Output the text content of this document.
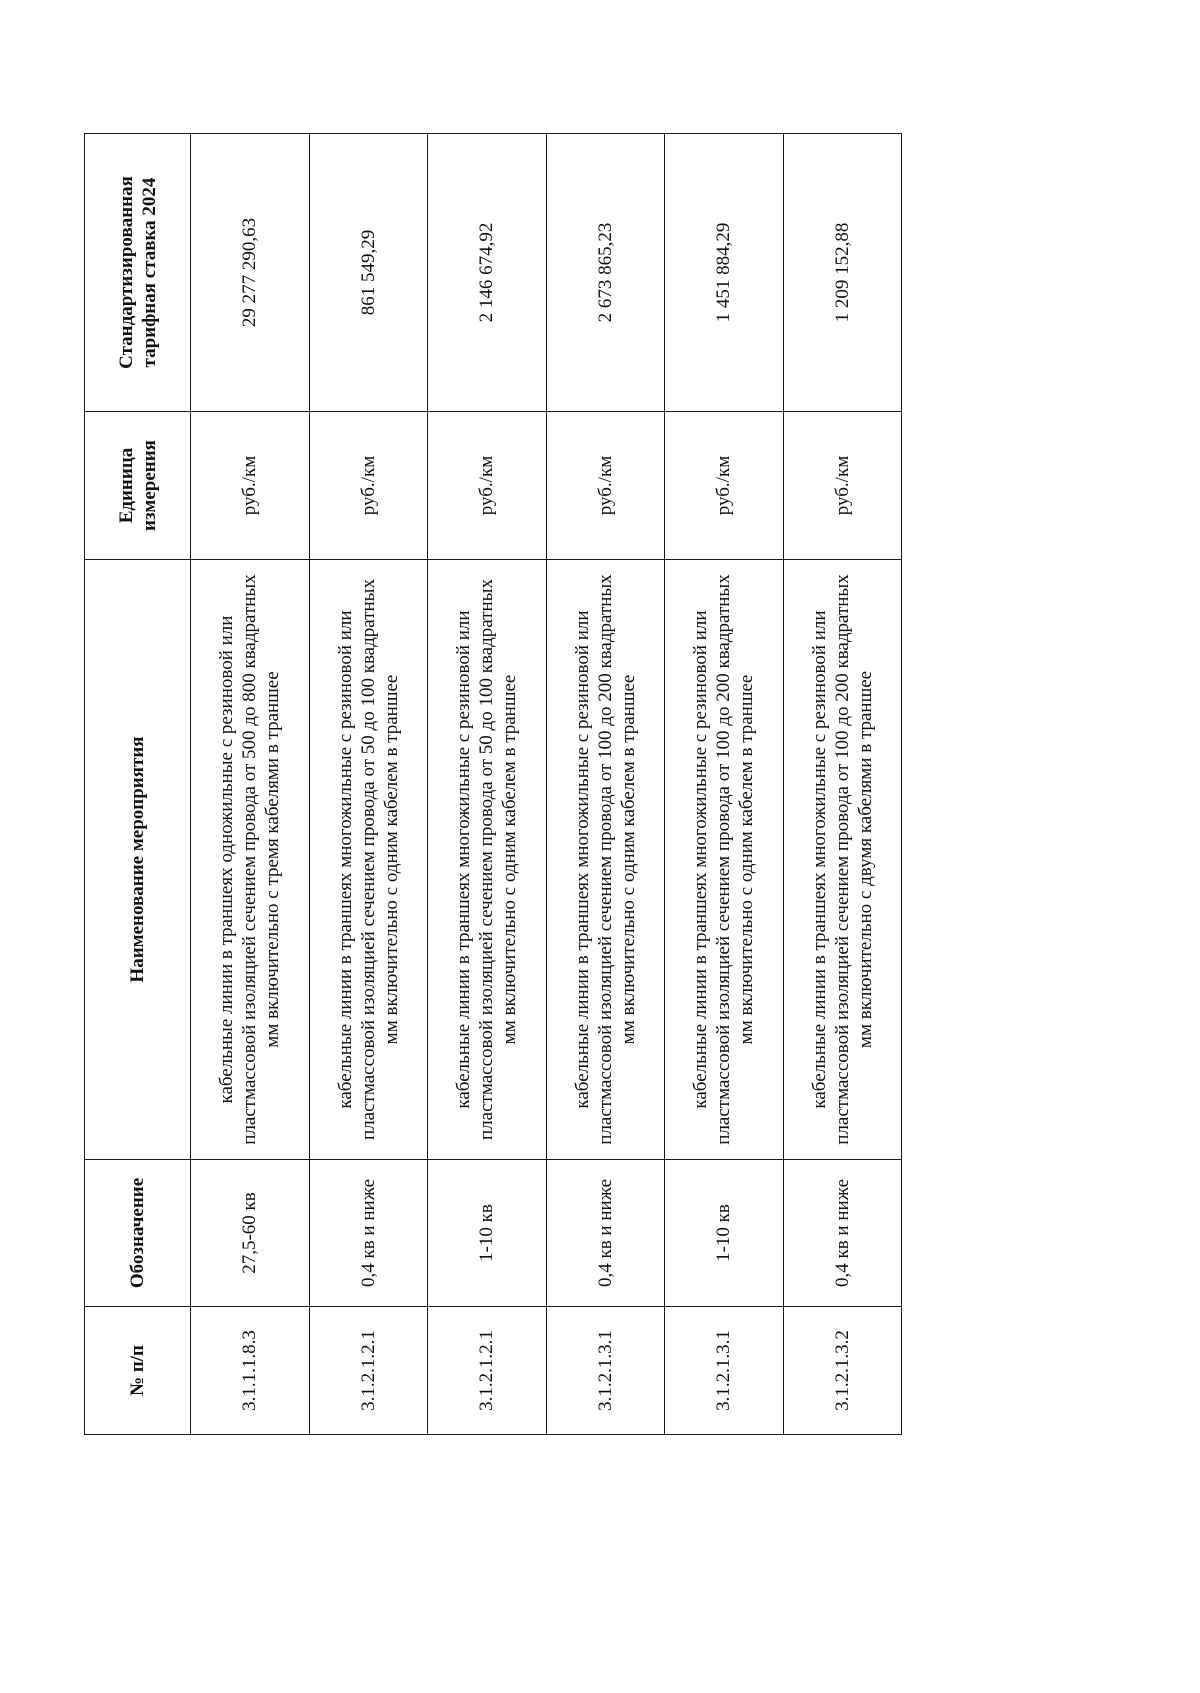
№ п/п	Обозначение	Наименование мероприятия	Единица измерения	Стандартизированная тарифная ставка 2024
3.1.1.1.8.3	27,5-60 кв	кабельные линии в траншеях одножильные с резиновой или пластмассовой изоляцией сечением провода от 500 до 800 квадратных мм включительно с тремя кабелями в траншее	руб./км	29 277 290,63
3.1.2.1.2.1	0,4 кв и ниже	кабельные линии в траншеях многожильные с резиновой или пластмассовой изоляцией сечением провода от 50 до 100 квадратных мм включительно с одним кабелем в траншее	руб./км	861 549,29
3.1.2.1.2.1	1-10 кв	кабельные линии в траншеях многожильные с резиновой или пластмассовой изоляцией сечением провода от 50 до 100 квадратных мм включительно с одним кабелем в траншее	руб./км	2 146 674,92
3.1.2.1.3.1	0,4 кв и ниже	кабельные линии в траншеях многожильные с резиновой или пластмассовой изоляцией сечением провода от 100 до 200 квадратных мм включительно с одним кабелем в траншее	руб./км	2 673 865,23
3.1.2.1.3.1	1-10 кв	кабельные линии в траншеях многожильные с резиновой или пластмассовой изоляцией сечением провода от 100 до 200 квадратных мм включительно с одним кабелем в траншее	руб./км	1 451 884,29
3.1.2.1.3.2	0,4 кв и ниже	кабельные линии в траншеях многожильные с резиновой или пластмассовой изоляцией сечением провода от 100 до 200 квадратных мм включительно с двумя кабелями в траншее	руб./км	1 209 152,88
